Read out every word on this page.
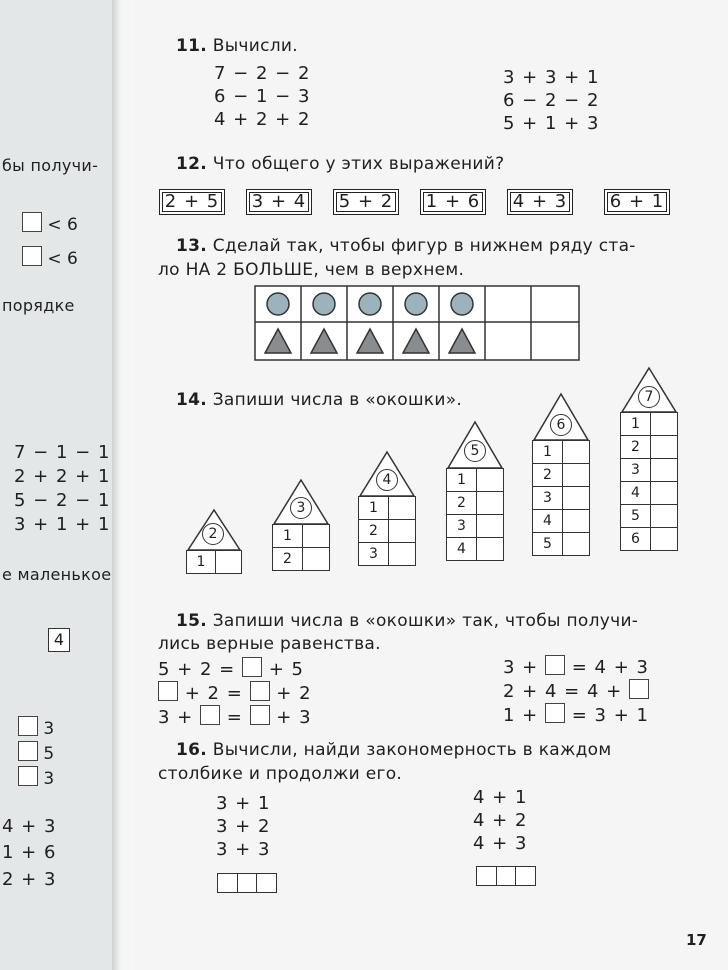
бы получи-
< 6
< 6
порядке
7 − 1 − 1
2 + 2 + 1
5 − 2 − 1
3 + 1 + 1
е маленькое
4
3
5
3
4 + 3
1 + 6
2 + 3
11. Вычисли.
7 − 2 − 2
6 − 1 − 3
4 + 2 + 2
3 + 3 + 1
6 − 2 − 2
5 + 1 + 3
12. Что общего у этих выражений?
2 + 5	3 + 4	5 + 2	1 + 6	4 + 3	6 + 1
13. Сделай так, чтобы фигур в нижнем ряду ста-
ло НА 2 БОЛЬШЕ, чем в верхнем.
14. Запиши числа в «окошки».
2
1	
3
1	
2	
4
1	
2	
3	
5
1	
2	
3	
4	
6
1	
2	
3	
4	
5	
7
1	
2	
3	
4	
5	
6	
15. Запиши числа в «окошки» так, чтобы получи-
лись верные равенства.
5 + 2 = + 5
+ 2 = + 2
3 + = + 3
3 + = 4 + 3
2 + 4 = 4 +
1 + = 3 + 1
16. Вычисли, найди закономерность в каждом
столбике и продолжи его.
3 + 1
3 + 2
3 + 3
4 + 1
4 + 2
4 + 3
17
